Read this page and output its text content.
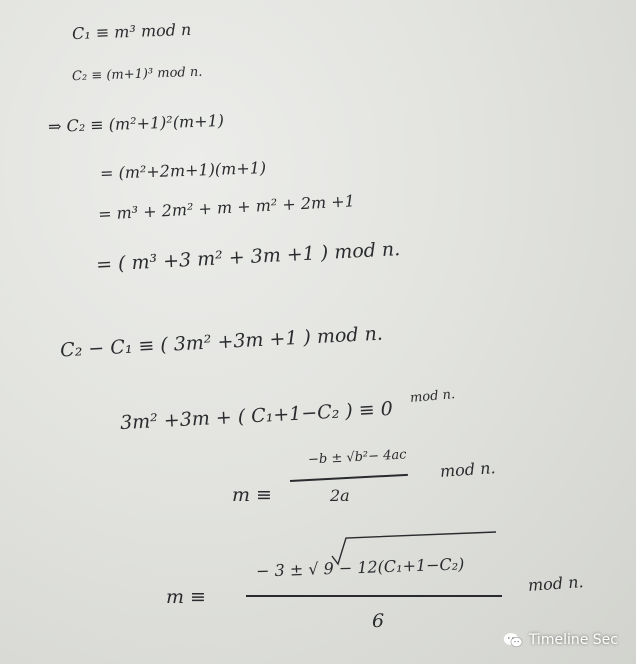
C₁ ≡ m³ mod n
C₂ ≡ (m+1)³ mod n.
⇒ C₂ ≡ (m²+1)²(m+1)
= (m²+2m+1)(m+1)
= m³ + 2m² + m + m² + 2m +1
= ( m³ +3 m² + 3m +1 ) mod n.
C₂ − C₁ ≡ ( 3m² +3m +1 ) mod n.
3m² +3m + ( C₁+1−C₂ ) ≡ 0
mod n.
m ≡
−b ± √b²− 4ac
2a
mod n.
m ≡
− 3 ± √ 9 − 12(C₁+1−C₂)
6
mod n.
Timeline Sec
